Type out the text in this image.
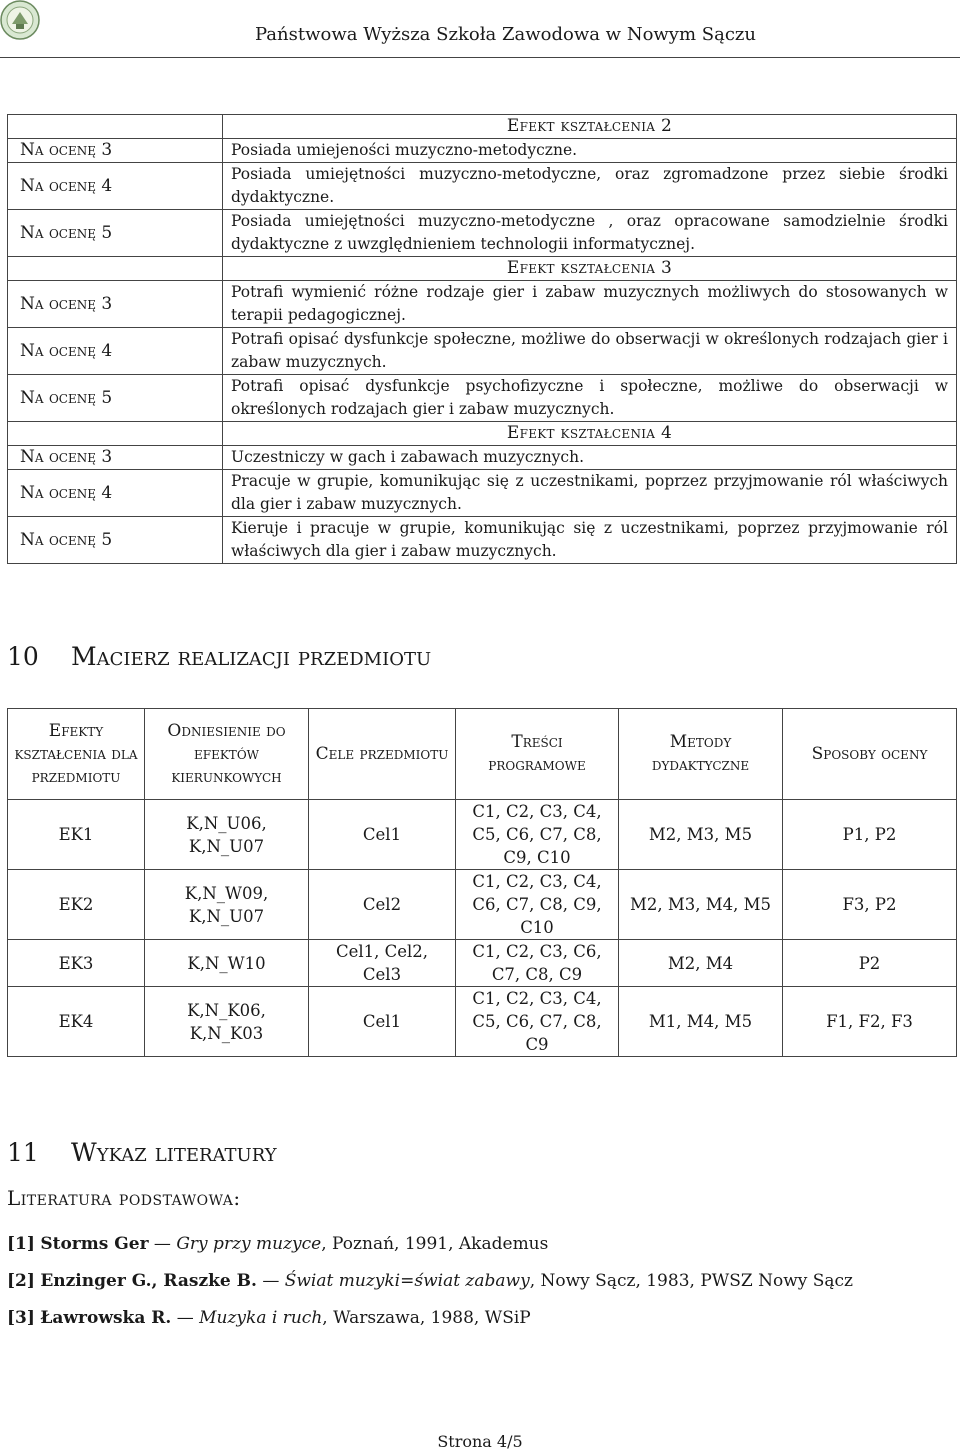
Państwowa Wyższa Szkoła Zawodowa w Nowym Sączu
	Efekt kształcenia 2
Na ocenę 3	Posiada umiejeności muzyczno-metodyczne.
Na ocenę 4	Posiada umiejętności muzyczno-metodyczne, oraz zgromadzone przez siebie środki dydaktyczne.
Na ocenę 5	Posiada umiejętności muzyczno-metodyczne , oraz opracowane samodzielnie środki dydaktyczne z uwzględnieniem technologii informatycznej.
	Efekt kształcenia 3
Na ocenę 3	Potrafi wymienić różne rodzaje gier i zabaw muzycznych możliwych do stosowanych w terapii pedagogicznej.
Na ocenę 4	Potrafi opisać dysfunkcje społeczne, możliwe do obserwacji w określonych rodzajach gier i zabaw muzycznych.
Na ocenę 5	Potrafi opisać dysfunkcje psychofizyczne i społeczne, możliwe do obserwacji w określonych rodzajach gier i zabaw muzycznych.
	Efekt kształcenia 4
Na ocenę 3	Uczestniczy w gach i zabawach muzycznych.
Na ocenę 4	Pracuje w grupie, komunikując się z uczestnikami, poprzez przyjmowanie ról właściwych dla gier i zabaw muzycznych.
Na ocenę 5	Kieruje i pracuje w grupie, komunikując się z uczestnikami, poprzez przyjmowanie ról właściwych dla gier i zabaw muzycznych.
10 Macierz realizacji przedmiotu
Efekty kształcenia dla przedmiotu	Odniesienie do efektów kierunkowych	Cele przedmiotu	Treści programowe	Metody dydaktyczne	Sposoby oceny
EK1	K,N_U06, K,N_U07	Cel1	C1, C2, C3, C4, C5, C6, C7, C8, C9, C10	M2, M3, M5	P1, P2
EK2	K,N_W09, K,N_U07	Cel2	C1, C2, C3, C4, C6, C7, C8, C9, C10	M2, M3, M4, M5	F3, P2
EK3	K,N_W10	Cel1, Cel2, Cel3	C1, C2, C3, C6, C7, C8, C9	M2, M4	P2
EK4	K,N_K06, K,N_K03	Cel1	C1, C2, C3, C4, C5, C6, C7, C8, C9	M1, M4, M5	F1, F2, F3
11 Wykaz literatury
Literatura podstawowa:
[1] Storms Ger — Gry przy muzyce, Poznań, 1991, Akademus
[2] Enzinger G., Raszke B. — Świat muzyki=świat zabawy, Nowy Sącz, 1983, PWSZ Nowy Sącz
[3] Ławrowska R. — Muzyka i ruch, Warszawa, 1988, WSiP
Strona 4/5
